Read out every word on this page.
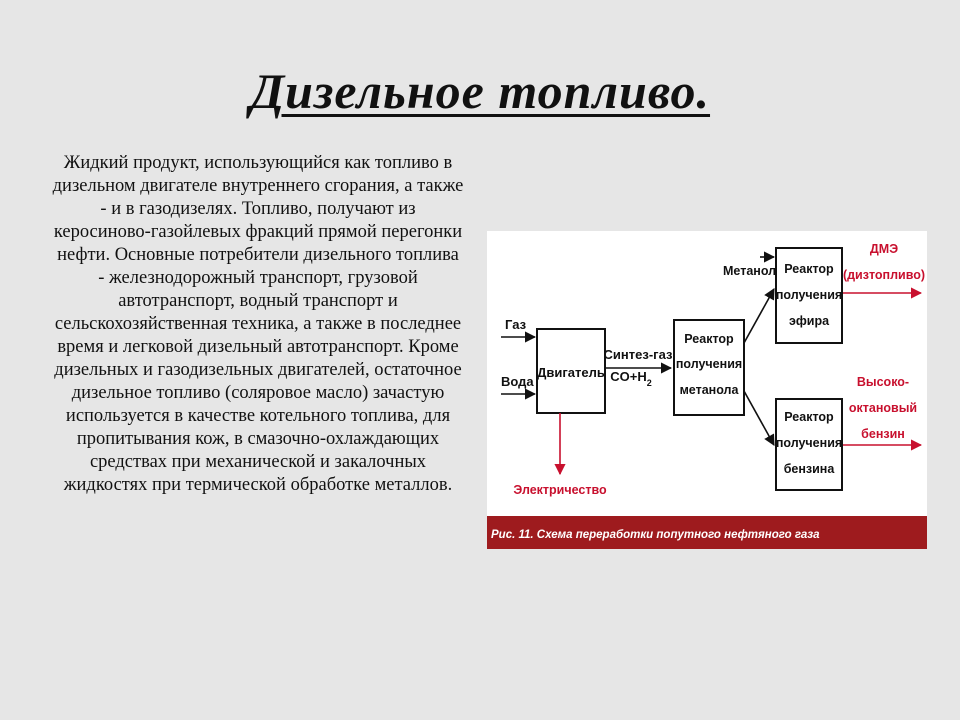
Дизельное топливо.

Жидкий продукт, использующийся как топливо в дизельном двигателе внутреннего сгорания, а также - и в газодизелях. Топливо, получают из керосиново-газойлевых фракций прямой перегонки нефти. Основные потребители дизельного топлива - железнодорожный транспорт, грузовой автотранспорт, водный транспорт и сельскохозяйственная техника, а также в последнее время и легковой дизельный автотранспорт. Кроме дизельных и газодизельных двигателей, остаточное дизельное топливо (соляровое масло) зачастую используется в качестве котельного топлива, для пропитывания кож, в смазочно-охлаждающих средствах при механической и закалочных жидкостях при термической обработке металлов.

Газ
Вода
Двигатель
Синтез-газ
$CO+H_2$
Реактор
получения
метанола
Метанол Реактор
получения
эфира
Реактор
получения
бензина
ДМЭ
(дизтопливо)
Высоко-
октановый
бензин
Электричество
Рис. 11. Схема переработки попутного нефтяного газа
